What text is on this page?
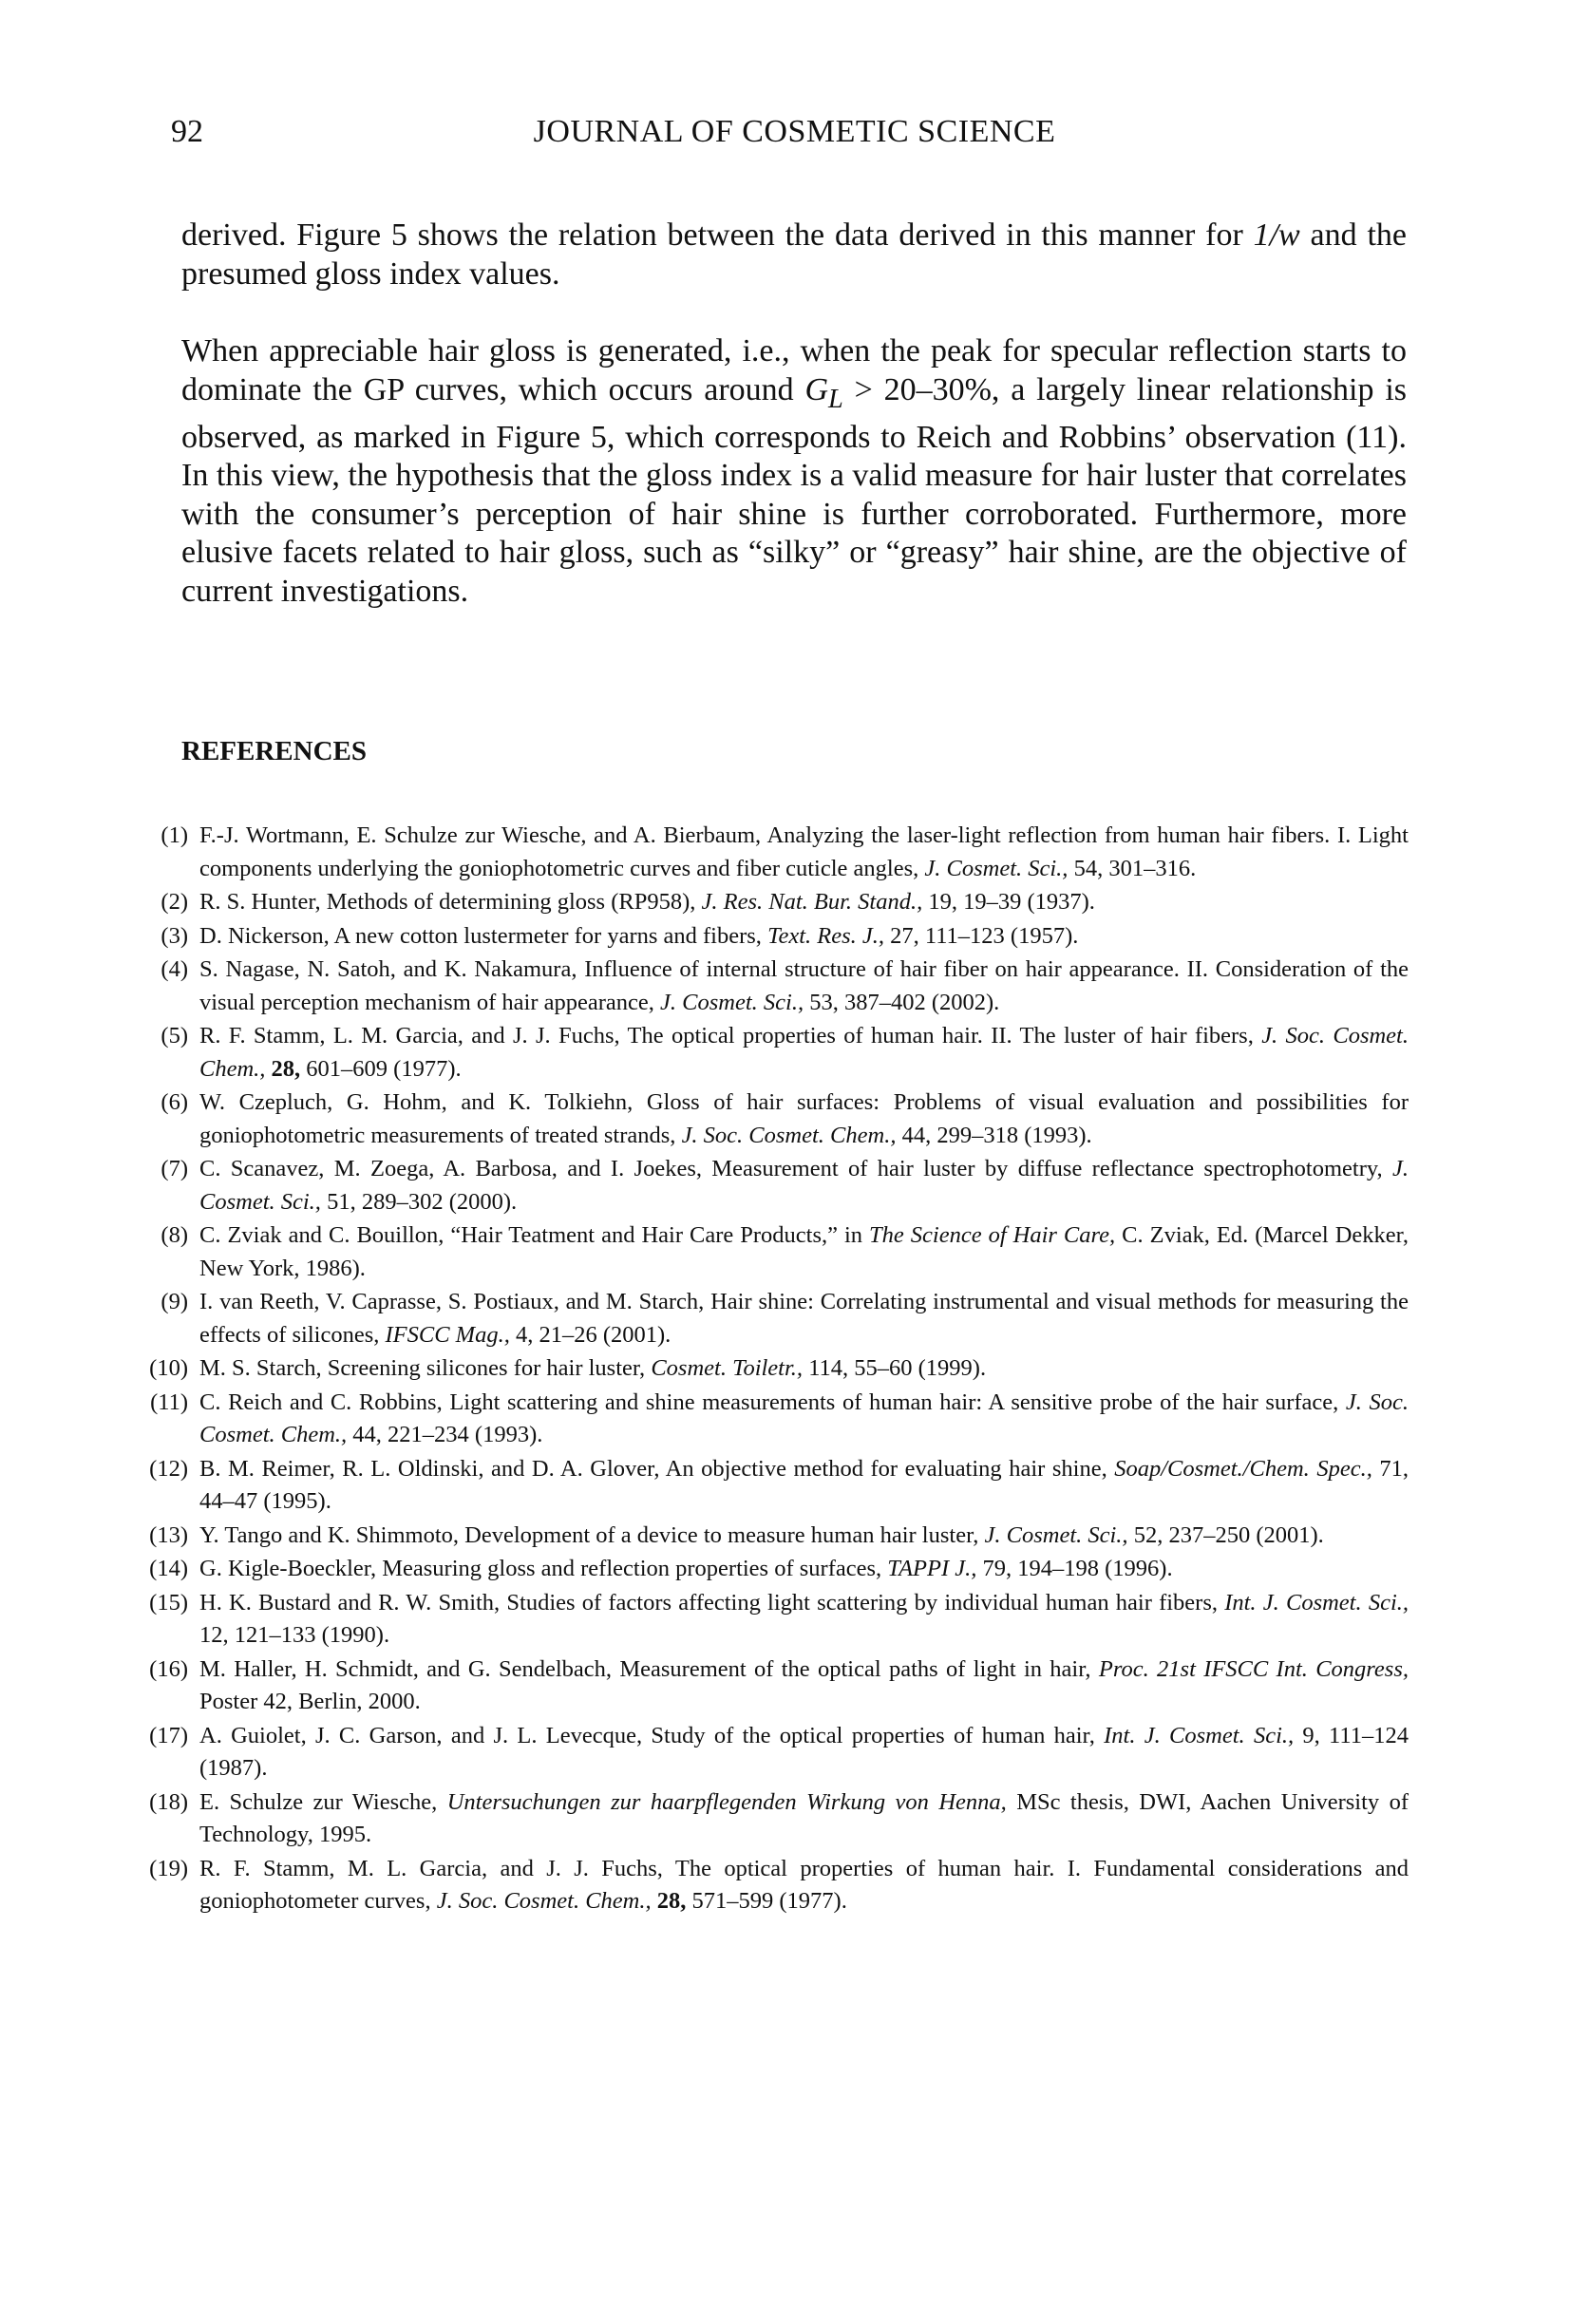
92	JOURNAL OF COSMETIC SCIENCE
derived. Figure 5 shows the relation between the data derived in this manner for 1/w and the presumed gloss index values.
When appreciable hair gloss is generated, i.e., when the peak for specular reflection starts to dominate the GP curves, which occurs around $G_L > 20-30\%$, a largely linear relationship is observed, as marked in Figure 5, which corresponds to Reich and Robbins’ observation (11). In this view, the hypothesis that the gloss index is a valid measure for hair luster that correlates with the consumer’s perception of hair shine is further corroborated. Furthermore, more elusive facets related to hair gloss, such as “silky” or “greasy” hair shine, are the objective of current investigations.
REFERENCES
(1) F.-J. Wortmann, E. Schulze zur Wiesche, and A. Bierbaum, Analyzing the laser-light reflection from human hair fibers. I. Light components underlying the goniophotometric curves and fiber cuticle angles, J. Cosmet. Sci., 54, 301–316.
(2) R. S. Hunter, Methods of determining gloss (RP958), J. Res. Nat. Bur. Stand., 19, 19–39 (1937).
(3) D. Nickerson, A new cotton lustermeter for yarns and fibers, Text. Res. J., 27, 111–123 (1957).
(4) S. Nagase, N. Satoh, and K. Nakamura, Influence of internal structure of hair fiber on hair appearance. II. Consideration of the visual perception mechanism of hair appearance, J. Cosmet. Sci., 53, 387–402 (2002).
(5) R. F. Stamm, L. M. Garcia, and J. J. Fuchs, The optical properties of human hair. II. The luster of hair fibers, J. Soc. Cosmet. Chem., 28, 601–609 (1977).
(6) W. Czepluch, G. Hohm, and K. Tolkiehn, Gloss of hair surfaces: Problems of visual evaluation and possibilities for goniophotometric measurements of treated strands, J. Soc. Cosmet. Chem., 44, 299–318 (1993).
(7) C. Scanavez, M. Zoega, A. Barbosa, and I. Joekes, Measurement of hair luster by diffuse reflectance spectrophotometry, J. Cosmet. Sci., 51, 289–302 (2000).
(8) C. Zviak and C. Bouillon, “Hair Teatment and Hair Care Products,” in The Science of Hair Care, C. Zviak, Ed. (Marcel Dekker, New York, 1986).
(9) I. van Reeth, V. Caprasse, S. Postiaux, and M. Starch, Hair shine: Correlating instrumental and visual methods for measuring the effects of silicones, IFSCC Mag., 4, 21–26 (2001).
(10) M. S. Starch, Screening silicones for hair luster, Cosmet. Toiletr., 114, 55–60 (1999).
(11) C. Reich and C. Robbins, Light scattering and shine measurements of human hair: A sensitive probe of the hair surface, J. Soc. Cosmet. Chem., 44, 221–234 (1993).
(12) B. M. Reimer, R. L. Oldinski, and D. A. Glover, An objective method for evaluating hair shine, Soap/Cosmet./Chem. Spec., 71, 44–47 (1995).
(13) Y. Tango and K. Shimmoto, Development of a device to measure human hair luster, J. Cosmet. Sci., 52, 237–250 (2001).
(14) G. Kigle-Boeckler, Measuring gloss and reflection properties of surfaces, TAPPI J., 79, 194–198 (1996).
(15) H. K. Bustard and R. W. Smith, Studies of factors affecting light scattering by individual human hair fibers, Int. J. Cosmet. Sci., 12, 121–133 (1990).
(16) M. Haller, H. Schmidt, and G. Sendelbach, Measurement of the optical paths of light in hair, Proc. 21st IFSCC Int. Congress, Poster 42, Berlin, 2000.
(17) A. Guiolet, J. C. Garson, and J. L. Levecque, Study of the optical properties of human hair, Int. J. Cosmet. Sci., 9, 111–124 (1987).
(18) E. Schulze zur Wiesche, Untersuchungen zur haarpflegenden Wirkung von Henna, MSc thesis, DWI, Aachen University of Technology, 1995.
(19) R. F. Stamm, M. L. Garcia, and J. J. Fuchs, The optical properties of human hair. I. Fundamental considerations and goniophotometer curves, J. Soc. Cosmet. Chem., 28, 571–599 (1977).
